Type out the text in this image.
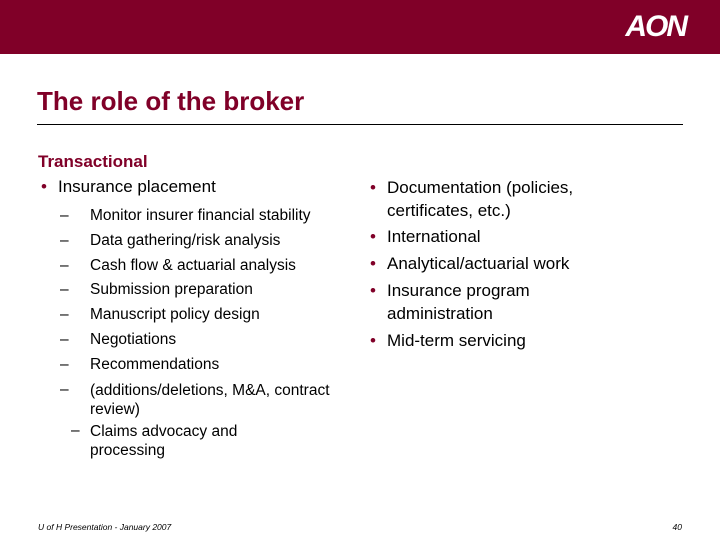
AON
The role of the broker
Transactional
• Insurance placement
– Monitor insurer financial stability
– Data gathering/risk analysis
– Cash flow & actuarial analysis
– Submission preparation
– Manuscript policy design
– Negotiations
– Recommendations
– (additions/deletions, M&A, contract review)
– Claims advocacy and processing
• Documentation (policies, certificates, etc.)
• International
• Analytical/actuarial work
• Insurance program administration
• Mid-term servicing
U of H Presentation - January 2007	40
